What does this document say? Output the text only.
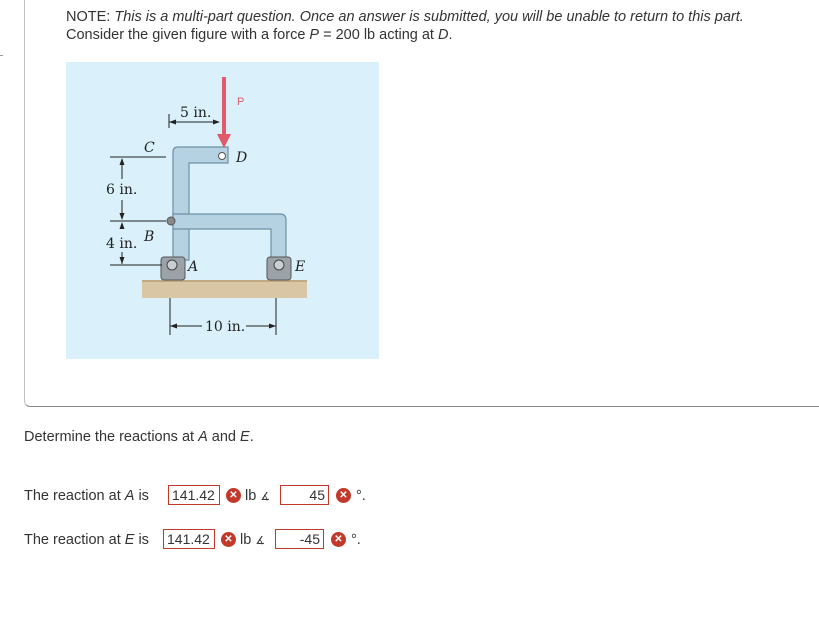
NOTE: This is a multi-part question. Once an answer is submitted, you will be unable to return to this part.
Consider the given figure with a force P = 200 lb acting at D.
P
5 in.
C
D
6 in.
B
4 in.
A	E
10 in.
Determine the reactions at A and E.
The reaction at A is 141.42	✕ lb ∡	45	✕ °.
The reaction at E is 141.42	✕ lb ∡	-45	✕ °.
